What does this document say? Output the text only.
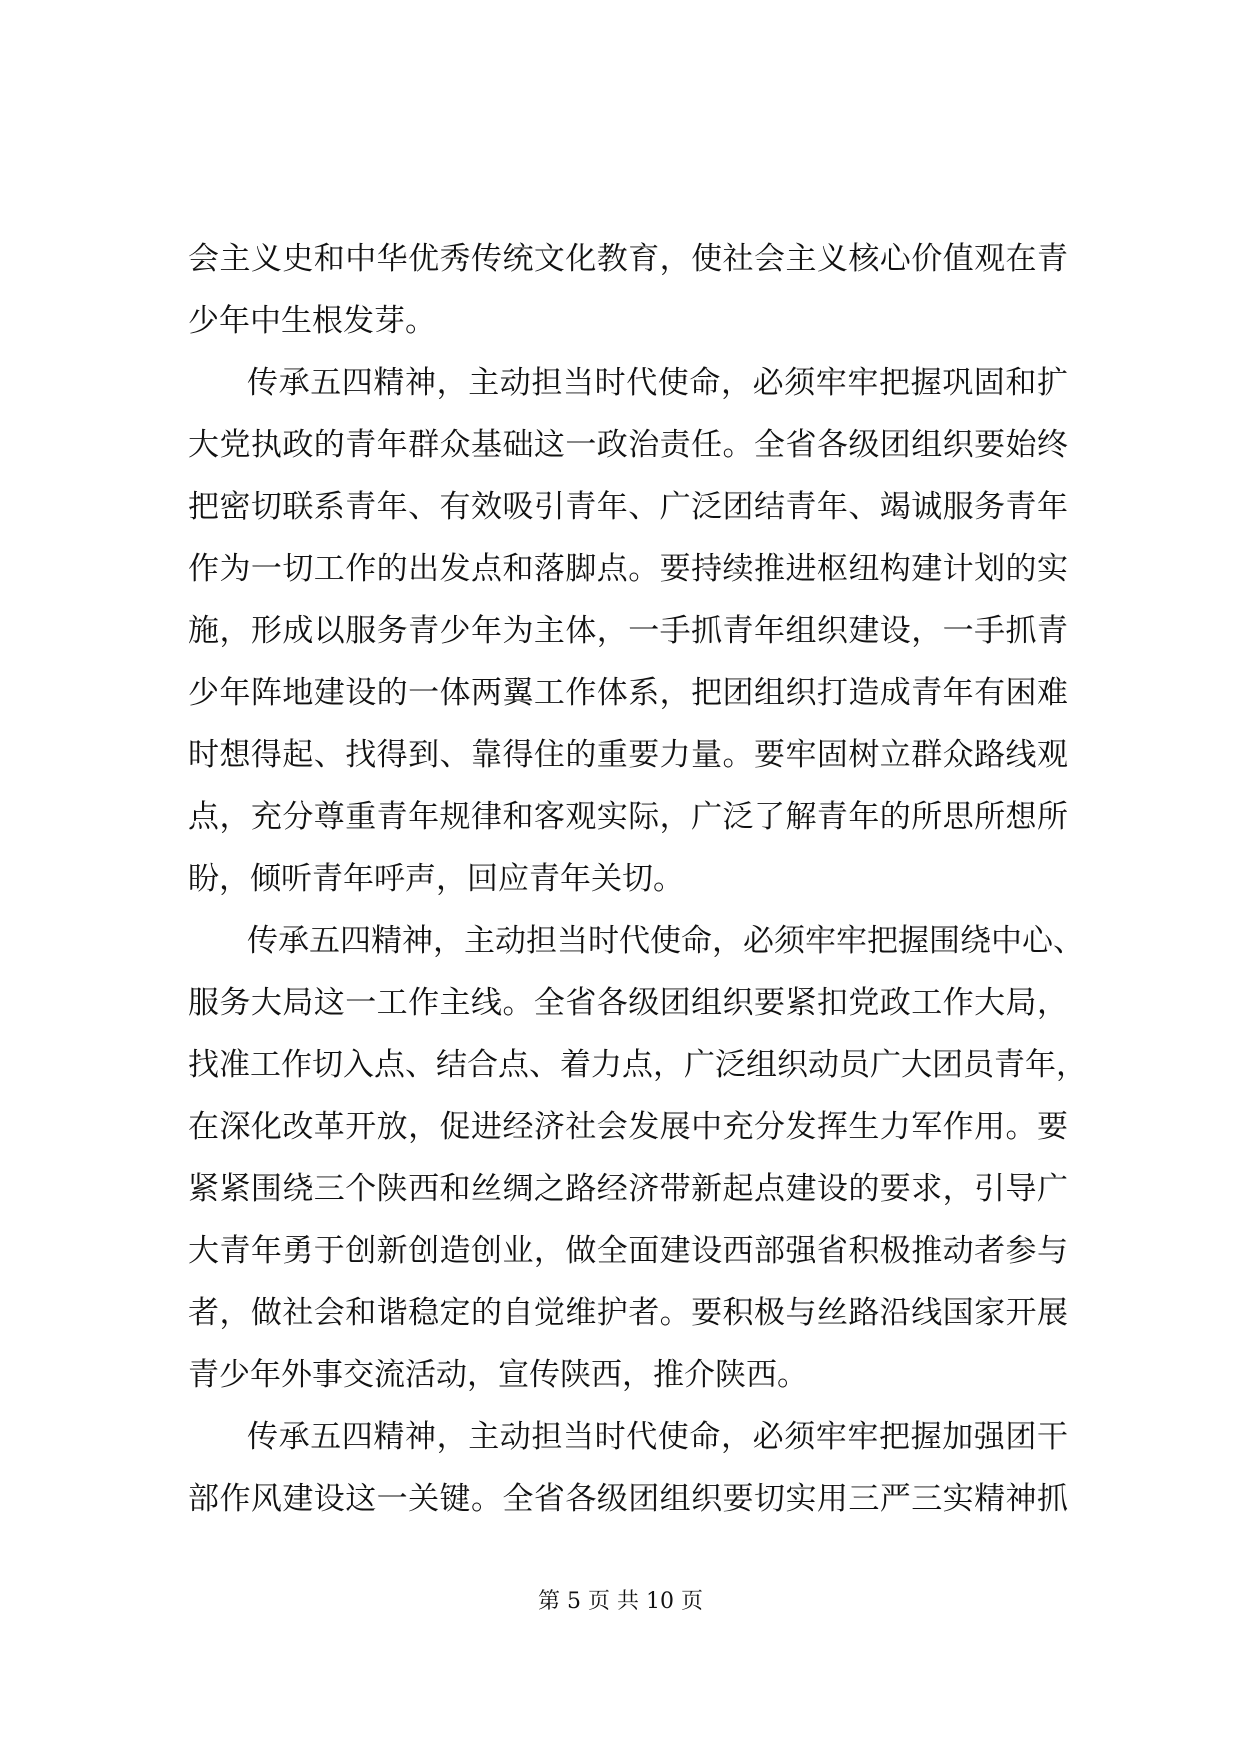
会主义史和中华优秀传统文化教育，使社会主义核心价值观在青
少年中生根发芽。
传承五四精神，主动担当时代使命，必须牢牢把握巩固和扩
大党执政的青年群众基础这一政治责任。全省各级团组织要始终
把密切联系青年、有效吸引青年、广泛团结青年、竭诚服务青年
作为一切工作的出发点和落脚点。要持续推进枢纽构建计划的实
施，形成以服务青少年为主体，一手抓青年组织建设，一手抓青
少年阵地建设的一体两翼工作体系，把团组织打造成青年有困难
时想得起、找得到、靠得住的重要力量。要牢固树立群众路线观
点，充分尊重青年规律和客观实际，广泛了解青年的所思所想所
盼，倾听青年呼声，回应青年关切。
传承五四精神，主动担当时代使命，必须牢牢把握围绕中心、
服务大局这一工作主线。全省各级团组织要紧扣党政工作大局，
找准工作切入点、结合点、着力点，广泛组织动员广大团员青年，
在深化改革开放，促进经济社会发展中充分发挥生力军作用。要
紧紧围绕三个陕西和丝绸之路经济带新起点建设的要求，引导广
大青年勇于创新创造创业，做全面建设西部强省积极推动者参与
者，做社会和谐稳定的自觉维护者。要积极与丝路沿线国家开展
青少年外事交流活动，宣传陕西，推介陕西。
传承五四精神，主动担当时代使命，必须牢牢把握加强团干
部作风建设这一关键。全省各级团组织要切实用三严三实精神抓
第 5 页 共 10 页
